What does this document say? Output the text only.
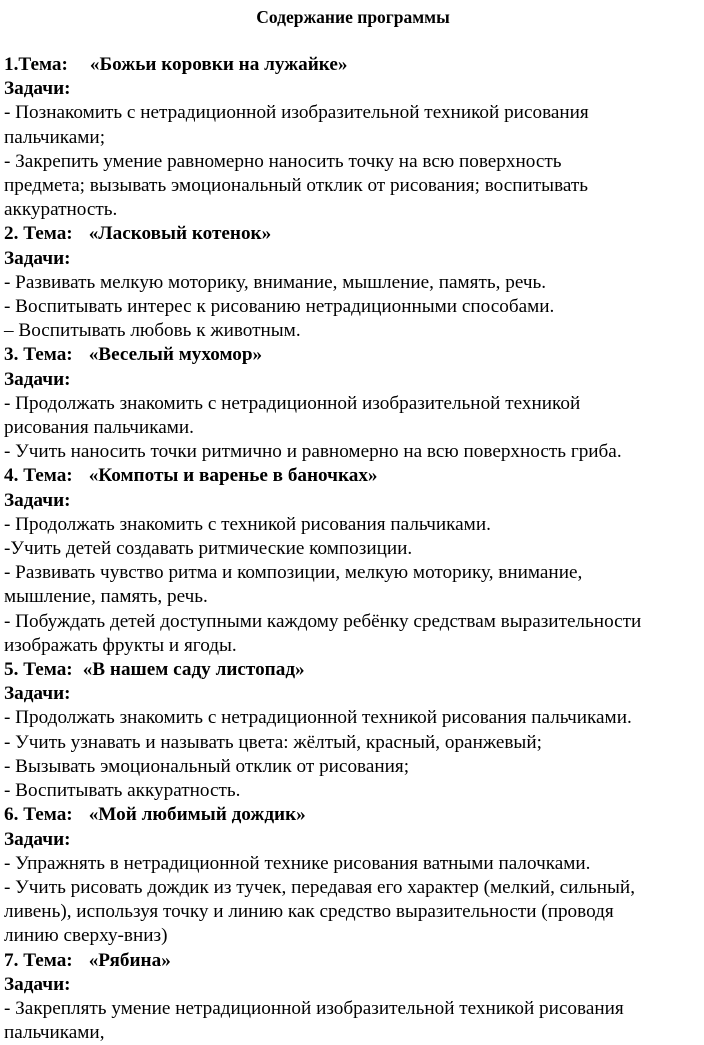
Содержание программы
1.Тема: «Божьи коровки на лужайке»
Задачи:
- Познакомить с нетрадиционной изобразительной техникой рисования
пальчиками;
- Закрепить умение равномерно наносить точку на всю поверхность
предмета; вызывать эмоциональный отклик от рисования; воспитывать
аккуратность.
2. Тема: «Ласковый котенок»
Задачи:
- Развивать мелкую моторику, внимание, мышление, память, речь.
- Воспитывать интерес к рисованию нетрадиционными способами.
– Воспитывать любовь к животным.
3. Тема: «Веселый мухомор»
Задачи:
- Продолжать знакомить с нетрадиционной изобразительной техникой
рисования пальчиками.
- Учить наносить точки ритмично и равномерно на всю поверхность гриба.
4. Тема: «Компоты и варенье в баночках»
Задачи:
- Продолжать знакомить с техникой рисования пальчиками.
-Учить детей создавать ритмические композиции.
- Развивать чувство ритма и композиции, мелкую моторику, внимание,
мышление, память, речь.
- Побуждать детей доступными каждому ребёнку средствам выразительности
изображать фрукты и ягоды.
5. Тема: «В нашем саду листопад»
Задачи:
- Продолжать знакомить с нетрадиционной техникой рисования пальчиками.
- Учить узнавать и называть цвета: жёлтый, красный, оранжевый;
- Вызывать эмоциональный отклик от рисования;
- Воспитывать аккуратность.
6. Тема: «Мой любимый дождик»
Задачи:
- Упражнять в нетрадиционной технике рисования ватными палочками.
- Учить рисовать дождик из тучек, передавая его характер (мелкий, сильный,
ливень), используя точку и линию как средство выразительности (проводя
линию сверху-вниз)
7. Тема: «Рябина»
Задачи:
- Закреплять умение нетрадиционной изобразительной техникой рисования
пальчиками,
